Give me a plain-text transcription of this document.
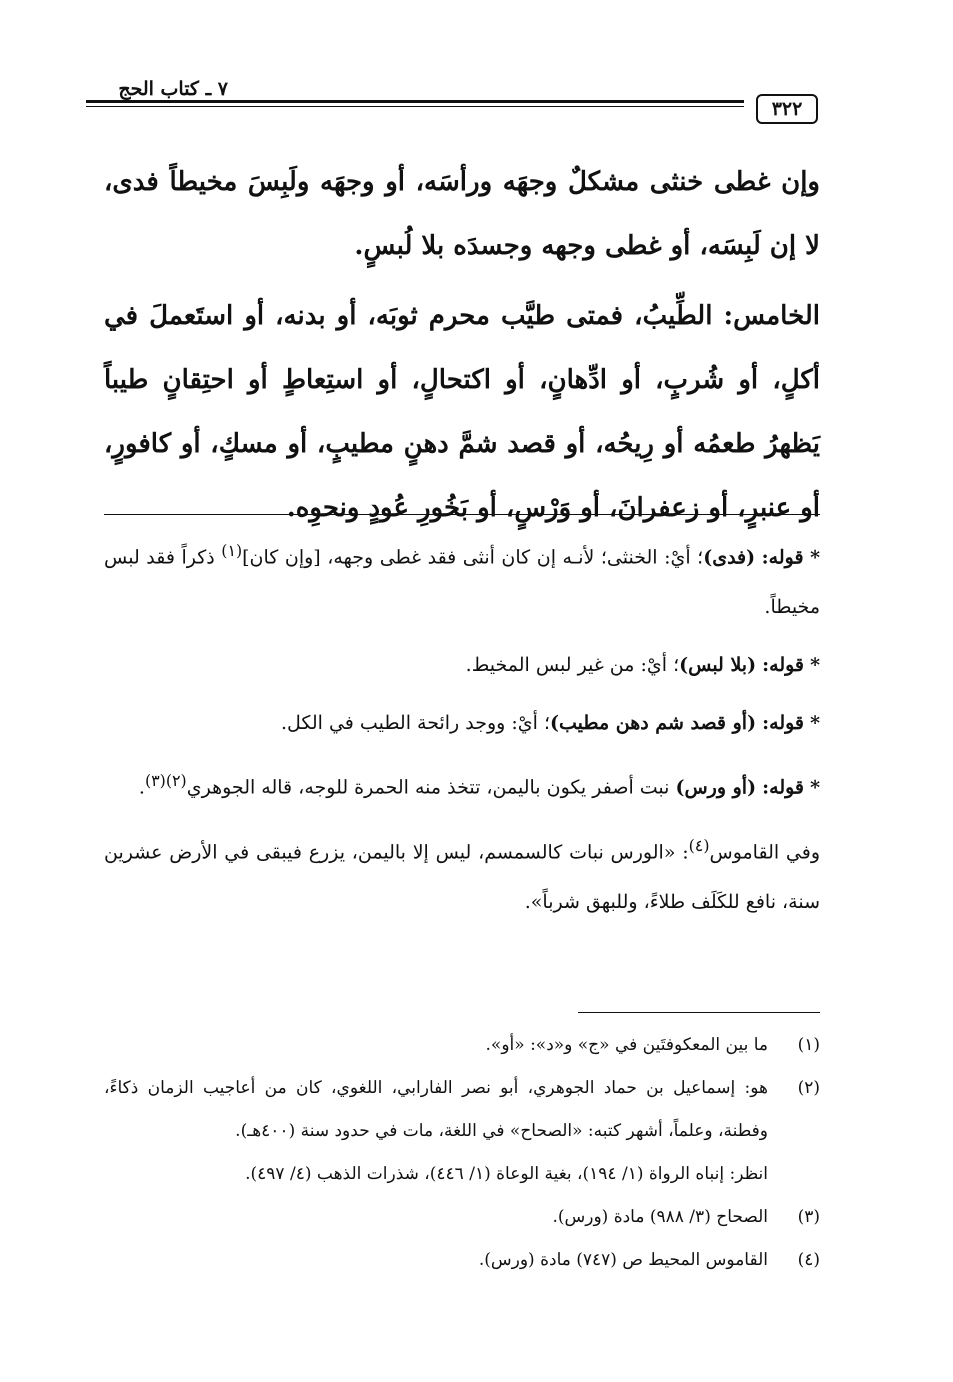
٧ ـ كتاب الحج
٣٢٢

وإن غطى خنثى مشكلٌ وجهَه ورأسَه، أو وجهَه ولَبِسَ مخيطاً فدى، لا إن لَبِسَه، أو غطى وجهه وجسدَه بلا لُبسٍ.

الخامس: الطِّيبُ، فمتى طيَّب محرم ثوبَه، أو بدنه، أو استَعملَ في أكلٍ، أو شُربٍ، أو ادِّهانٍ، أو اكتحالٍ، أو استِعاطٍ أو احتِقانٍ طيباً يَظهرُ طعمُه أو رِيحُه، أو قصد شمَّ دهنٍ مطيبٍ، أو مسكٍ، أو كافورٍ، أو عنبرٍ، أو زعفرانَ، أو وَرْسٍ، أو بَخُورِ عُودٍ ونحوِه.

* قوله: (فدى)؛ أيْ: الخنثى؛ لأنـه إن كان أنثى فقد غطى وجهه، [وإن كان]$^{(١)}$ ذكراً فقد لبس مخيطاً.

* قوله: (بلا لبس)؛ أيْ: من غير لبس المخيط.

* قوله: (أو قصد شم دهن مطيب)؛ أيْ: ووجد رائحة الطيب في الكل.

* قوله: (أو ورس) نبت أصفر يكون باليمن، تتخذ منه الحمرة للوجه، قاله الجوهري$^{(٢)(٣)}$.

وفي القاموس$^{(٤)}$: «الورس نبات كالسمسم، ليس إلا باليمن، يزرع فيبقى في الأرض عشرين سنة، نافع للكَلَف طلاءً، وللبهق شرباً».

(١)
ما بين المعكوفتَين في «ج» و«د»: «أو».
(٢)
هو: إسماعيل بن حماد الجوهري، أبو نصر الفارابي، اللغوي، كان من أعاجيب الزمان ذكاءً، وفطنة، وعلماً، أشهر كتبه: «الصحاح» في اللغة، مات في حدود سنة (٤٠٠هـ).
انظر: إنباه الرواة (١/ ١٩٤)، بغية الوعاة (١/ ٤٤٦)، شذرات الذهب (٤/ ٤٩٧).
(٣)
الصحاح (٣/ ٩٨٨) مادة (ورس).
(٤)
القاموس المحيط ص (٧٤٧) مادة (ورس).
